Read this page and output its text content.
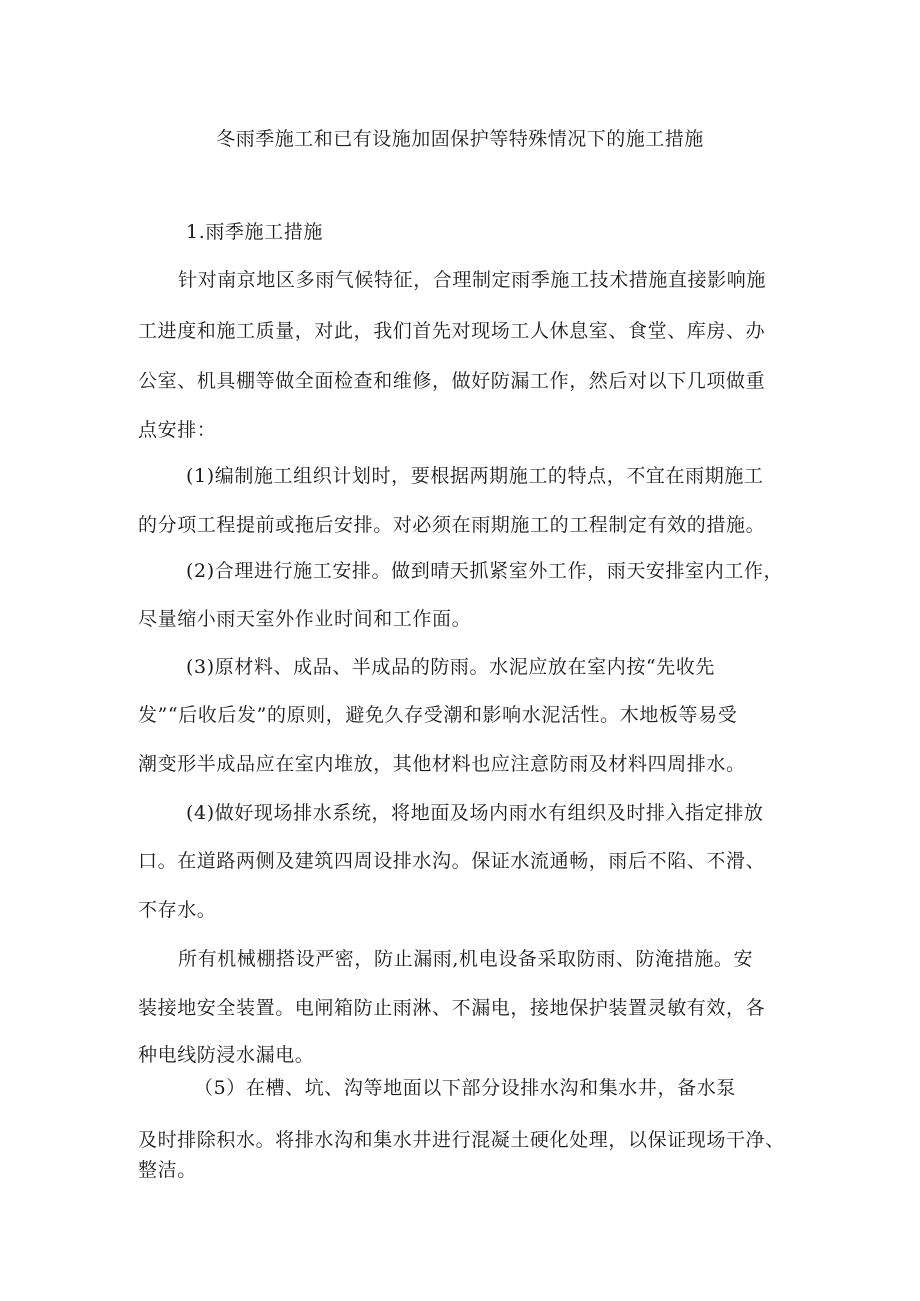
冬雨季施工和已有设施加固保护等特殊情况下的施工措施
1.雨季施工措施
针对南京地区多雨气候特征，合理制定雨季施工技术措施直接影响施
工进度和施工质量，对此，我们首先对现场工人休息室、食堂、库房、办
公室、机具棚等做全面检查和维修，做好防漏工作，然后对以下几项做重
点安排：
(1)编制施工组织计划时，要根据两期施工的特点，不宜在雨期施工
的分项工程提前或拖后安排。对必须在雨期施工的工程制定有效的措施。
(2)合理进行施工安排。做到晴天抓紧室外工作，雨天安排室内工作，
尽量缩小雨天室外作业时间和工作面。
(3)原材料、成品、半成品的防雨。水泥应放在室内按“先收先
发”“后收后发”的原则，避免久存受潮和影响水泥活性。木地板等易受
潮变形半成品应在室内堆放，其他材料也应注意防雨及材料四周排水。
(4)做好现场排水系统，将地面及场内雨水有组织及时排入指定排放
口。在道路两侧及建筑四周设排水沟。保证水流通畅，雨后不陷、不滑、
不存水。
所有机械棚搭设严密，防止漏雨,机电设备采取防雨、防淹措施。安
装接地安全装置。电闸箱防止雨淋、不漏电，接地保护装置灵敏有效，各
种电线防浸水漏电。
（5）在槽、坑、沟等地面以下部分设排水沟和集水井，备水泵
及时排除积水。将排水沟和集水井进行混凝土硬化处理，以保证现场干净、
整洁。
